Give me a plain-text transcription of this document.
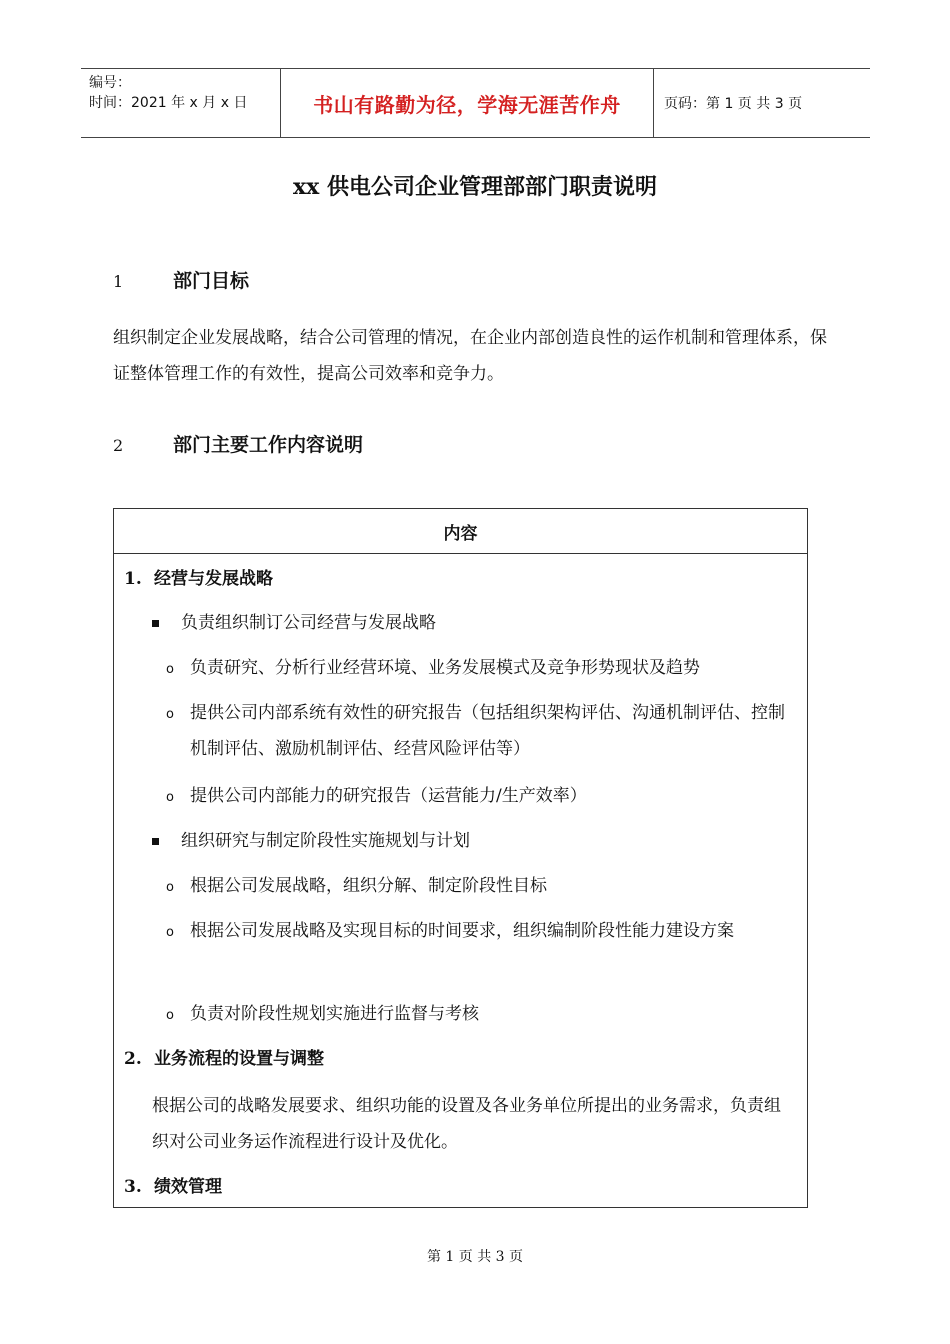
编号：
时间：2021 年 x 月 x 日	书山有路勤为径，学海无涯苦作舟	页码：第 1 页 共 3 页
xx 供电公司企业管理部部门职责说明
1	部门目标
组织制定企业发展战略，结合公司管理的情况，在企业内部创造良性的运作机制和管理体系，保证整体管理工作的有效性，提高公司效率和竞争力。
2	部门主要工作内容说明
内容
1. 经营与发展战略
负责组织制订公司经营与发展战略
o 负责研究、分析行业经营环境、业务发展模式及竞争形势现状及趋势
o 提供公司内部系统有效性的研究报告（包括组织架构评估、沟通机制评估、控制机制评估、激励机制评估、经营风险评估等）
o 提供公司内部能力的研究报告（运营能力/生产效率）
组织研究与制定阶段性实施规划与计划
o 根据公司发展战略，组织分解、制定阶段性目标
o 根据公司发展战略及实现目标的时间要求，组织编制阶段性能力建设方案
o 负责对阶段性规划实施进行监督与考核
2. 业务流程的设置与调整
根据公司的战略发展要求、组织功能的设置及各业务单位所提出的业务需求，负责组织对公司业务运作流程进行设计及优化。
3. 绩效管理
第 1 页 共 3 页
